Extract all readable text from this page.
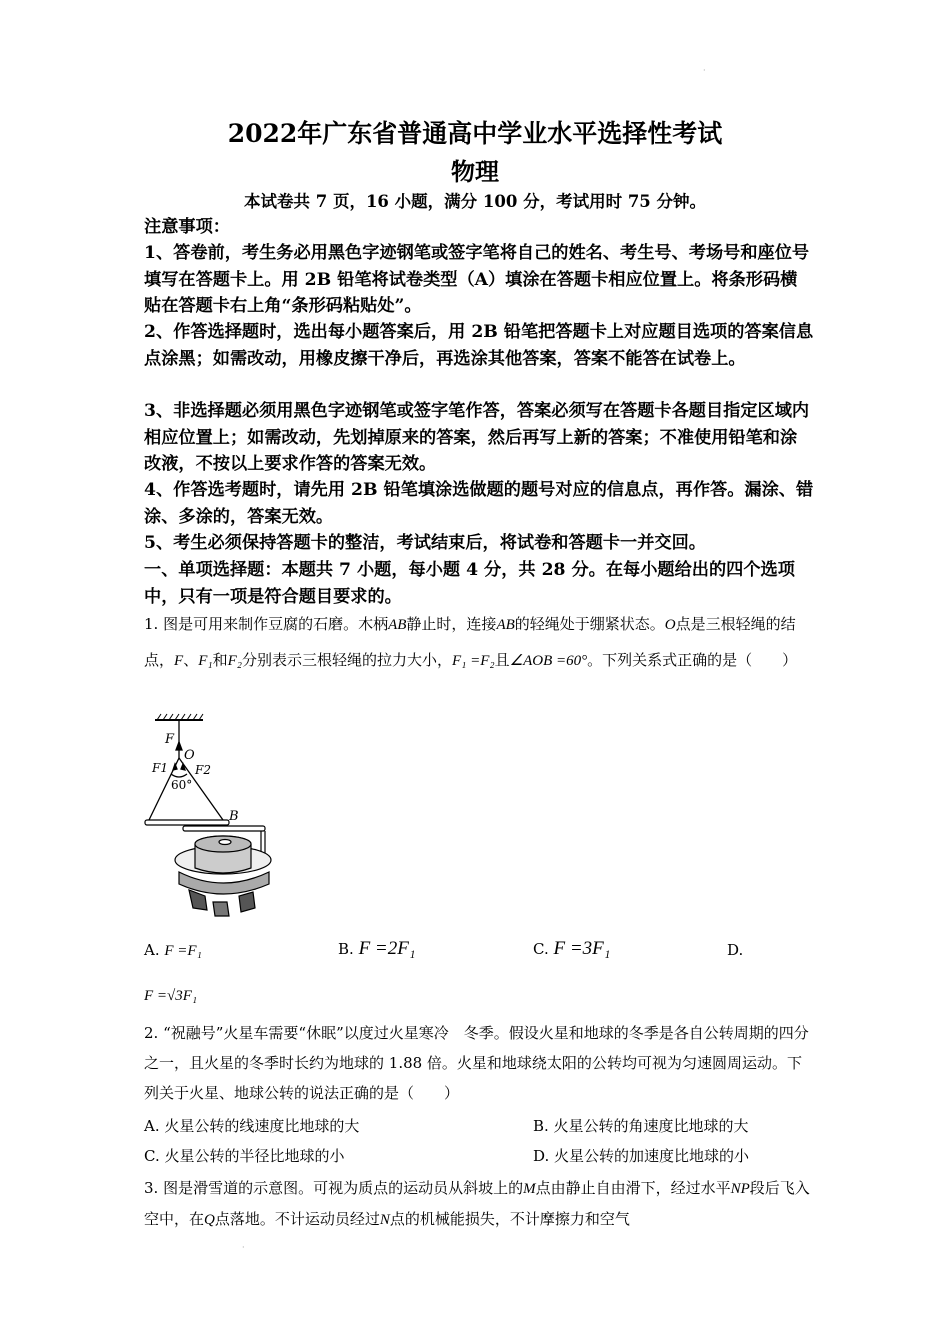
·
2022年广东省普通高中学业水平选择性考试
物理
本试卷共 7 页，16 小题，满分 100 分，考试用时 75 分钟。
注意事项：
1、答卷前，考生务必用黑色字迹钢笔或签字笔将自己的姓名、考生号、考场号和座位号填写在答题卡上。用 2B 铅笔将试卷类型（A）填涂在答题卡相应位置上。将条形码横贴在答题卡右上角“条形码粘贴处”。
2、作答选择题时，选出每小题答案后，用 2B 铅笔把答题卡上对应题目选项的答案信息点涂黑；如需改动，用橡皮擦干净后，再选涂其他答案，答案不能答在试卷上。
3、非选择题必须用黑色字迹钢笔或签字笔作答，答案必须写在答题卡各题目指定区域内相应位置上；如需改动，先划掉原来的答案，然后再写上新的答案；不准使用铅笔和涂改液，不按以上要求作答的答案无效。
4、作答选考题时，请先用 2B 铅笔填涂选做题的题号对应的信息点，再作答。漏涂、错涂、多涂的，答案无效。
5、考生必须保持答题卡的整洁，考试结束后，将试卷和答题卡一并交回。
一、单项选择题：本题共 7 小题，每小题 4 分，共 28 分。在每小题给出的四个选项中，只有一项是符合题目要求的。
1. 图是可用来制作豆腐的石磨。木柄AB静止时，连接AB的轻绳处于绷紧状态。O点是三根轻绳的结点，F、F₁和F₂分别表示三根轻绳的拉力大小，F₁ =F₂且∠AOB =60°。下列关系式正确的是（　　）
F
O
F1 F2
60°
B
A. F =F₁	B. F =2F₁	C. F =3F₁	D.
F =√3F₁
2. “祝融号”火星车需要“休眠”以度过火星寒冷　冬季。假设火星和地球的冬季是各自公转周期的四分之一，且火星的冬季时长约为地球的 1.88 倍。火星和地球绕太阳的公转均可视为匀速圆周运动。下列关于火星、地球公转的说法正确的是（　　）
A. 火星公转的线速度比地球的大	B. 火星公转的角速度比地球的大
C. 火星公转的半径比地球的小	D. 火星公转的加速度比地球的小
3. 图是滑雪道的示意图。可视为质点的运动员从斜坡上的M点由静止自由滑下，经过水平NP段后飞入空中，在Q点落地。不计运动员经过N点的机械能损失，不计摩擦力和空气
·
